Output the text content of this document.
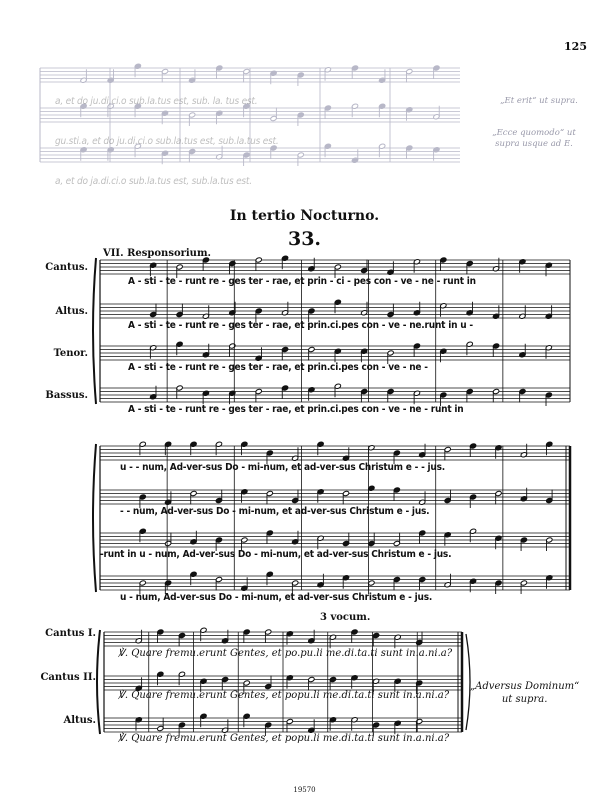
125
a, et do ju.di.ci.o sub.la.tus est, sub. la. tus est.
gu.sti.a, et do ju.di.ci.o sub.la.tus est, sub.la.tus est.
a, et do ja.di.ci.o sub.la.tus est, sub.la.tus est.
„Et erit“ ut supra.
„Ecce quomodo“ ut supra usque ad E.
In tertio Nocturno.
33.
VII. Responsorium.
Cantus.
Altus.
Tenor.
Bassus.
A - sti - te - runt re - ges ter - rae, et prin - ci - pes con - ve - ne - runt in
A - sti - te - runt re - ges ter - rae, et prin.ci.pes con - ve - ne.runt in u -
A - sti - te - runt re - ges ter - rae, et prin.ci.pes con - ve - ne -
A - sti - te - runt re - ges ter - rae, et prin.ci.pes con - ve - ne - runt in
u - - num, Ad-ver-sus Do - mi-num, et ad-ver-sus Christum e - - jus.
- - num, Ad-ver-sus Do - mi-num, et ad-ver-sus Christum e - jus.
-runt in u - num, Ad-ver-sus Do - mi-num, et ad-ver-sus Christum e - jus.
u - num, Ad-ver-sus Do - mi-num, et ad-ver-sus Christum e - jus.
3 vocum.
Cantus I.
Cantus II.
Altus.
℣. Quare fremu.erunt Gentes, et po.pu.li me.di.ta.ti sunt in.a.ni.a?
℣. Quare fremu.erunt Gentes, et popu.li me.di.ta.ti sunt in.a.ni.a?
℣. Quare fremu.erunt Gentes, et popu.li me.di.ta.ti sunt in.a.ni.a?
„Adversus Dominum“
ut supra.
19570
